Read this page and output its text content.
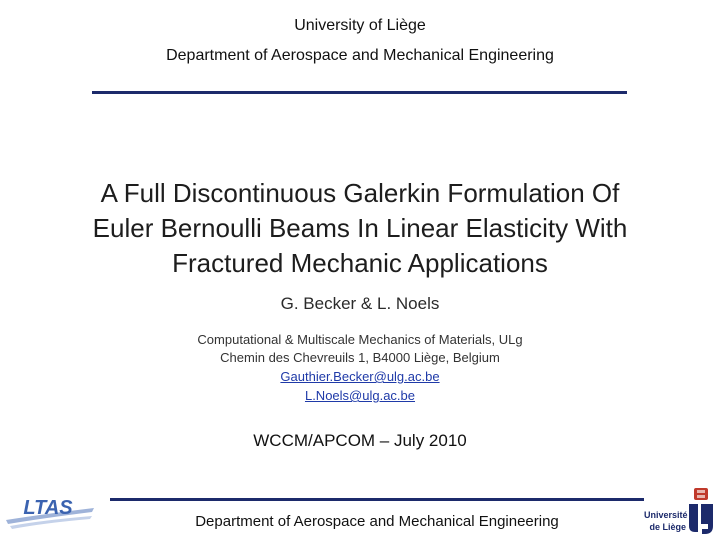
University of Liège
Department of Aerospace and Mechanical Engineering
A Full Discontinuous Galerkin Formulation Of
Euler Bernoulli Beams In Linear Elasticity With
Fractured Mechanic Applications
G. Becker & L. Noels
Computational & Multiscale Mechanics of Materials, ULg
Chemin des Chevreuils 1, B4000 Liège, Belgium
Gauthier.Becker@ulg.ac.be
L.Noels@ulg.ac.be
WCCM/APCOM – July 2010
LTAS
Department of Aerospace and Mechanical Engineering	Université
de Liège
